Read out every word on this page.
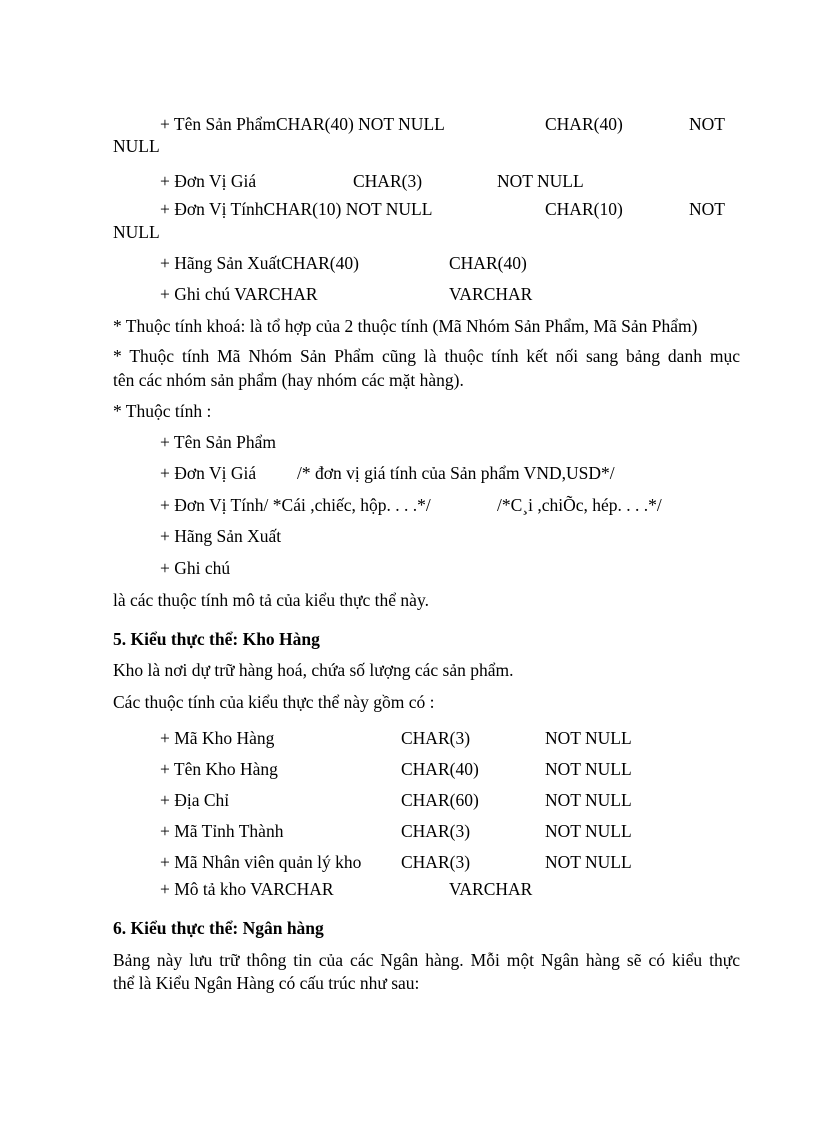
+ Tên Sản PhẩmCHAR(40) NOT NULL	CHAR(40)	NOT
NULL
+ Đơn Vị Giá	CHAR(3)	NOT NULL
+ Đơn Vị TínhCHAR(10) NOT NULL	CHAR(10)	NOT
NULL
+ Hãng Sản XuấtCHAR(40)	CHAR(40)
+ Ghi chú VARCHAR	VARCHAR
* Thuộc tính khoá: là tổ hợp của 2 thuộc tính (Mã Nhóm Sản Phẩm, Mã Sản Phẩm)
* Thuộc tính Mã Nhóm Sản Phẩm cũng là thuộc tính kết nối sang bảng danh mục
tên các nhóm sản phẩm (hay nhóm các mặt hàng).
* Thuộc tính :
+ Tên Sản Phẩm
+ Đơn Vị Giá /* đơn vị giá tính của Sản phẩm VND,USD*/
+ Đơn Vị Tính/ *Cái ,chiếc, hộp. . . .*/	/*C¸i ,chiÕc, hép. . . .*/
+ Hãng Sản Xuất
+ Ghi chú
là các thuộc tính mô tả của kiểu thực thể này.
5. Kiểu thực thể: Kho Hàng
Kho là nơi dự trữ hàng hoá, chứa số lượng các sản phẩm.
Các thuộc tính của kiểu thực thể này gồm có :
+ Mã Kho Hàng	CHAR(3)	NOT NULL
+ Tên Kho Hàng	CHAR(40)	NOT NULL
+ Địa Chỉ	CHAR(60)	NOT NULL
+ Mã Tỉnh Thành	CHAR(3)	NOT NULL
+ Mã Nhân viên quản lý kho CHAR(3)	NOT NULL
+ Mô tả kho VARCHAR	VARCHAR
6. Kiểu thực thể: Ngân hàng
Bảng này lưu trữ thông tin của các Ngân hàng. Mỗi một Ngân hàng sẽ có kiểu thực
thể là Kiểu Ngân Hàng có cấu trúc như sau:
